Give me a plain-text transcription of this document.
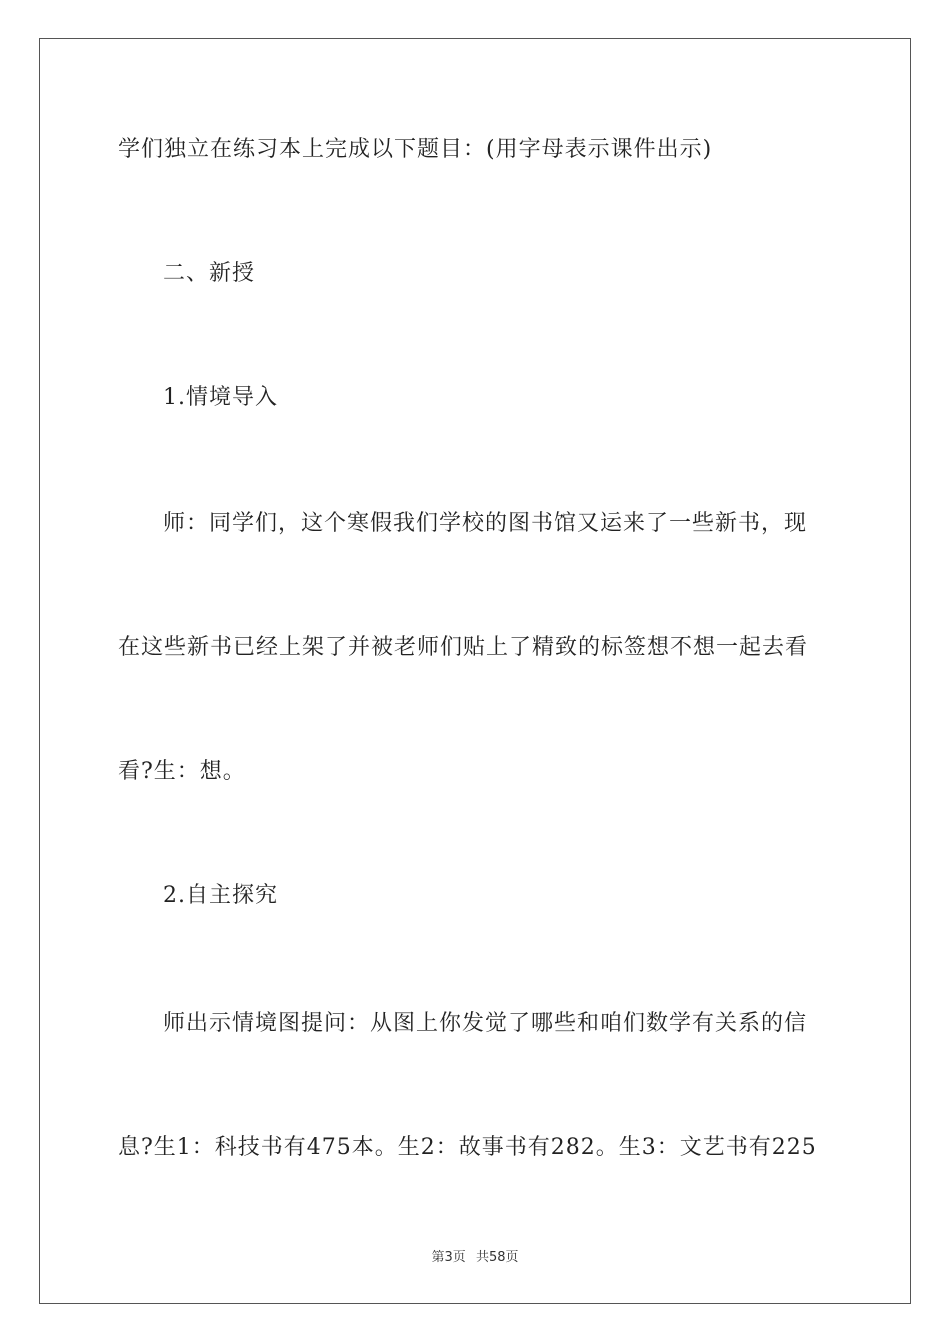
学们独立在练习本上完成以下题目：(用字母表示课件出示)
二、新授
1.情境导入
师：同学们，这个寒假我们学校的图书馆又运来了一些新书，现
在这些新书已经上架了并被老师们贴上了精致的标签想不想一起去看
看?生：想。
2.自主探究
师出示情境图提问：从图上你发觉了哪些和咱们数学有关系的信
息?生1：科技书有475本。生2：故事书有282。生3：文艺书有225
第3页 共58页
